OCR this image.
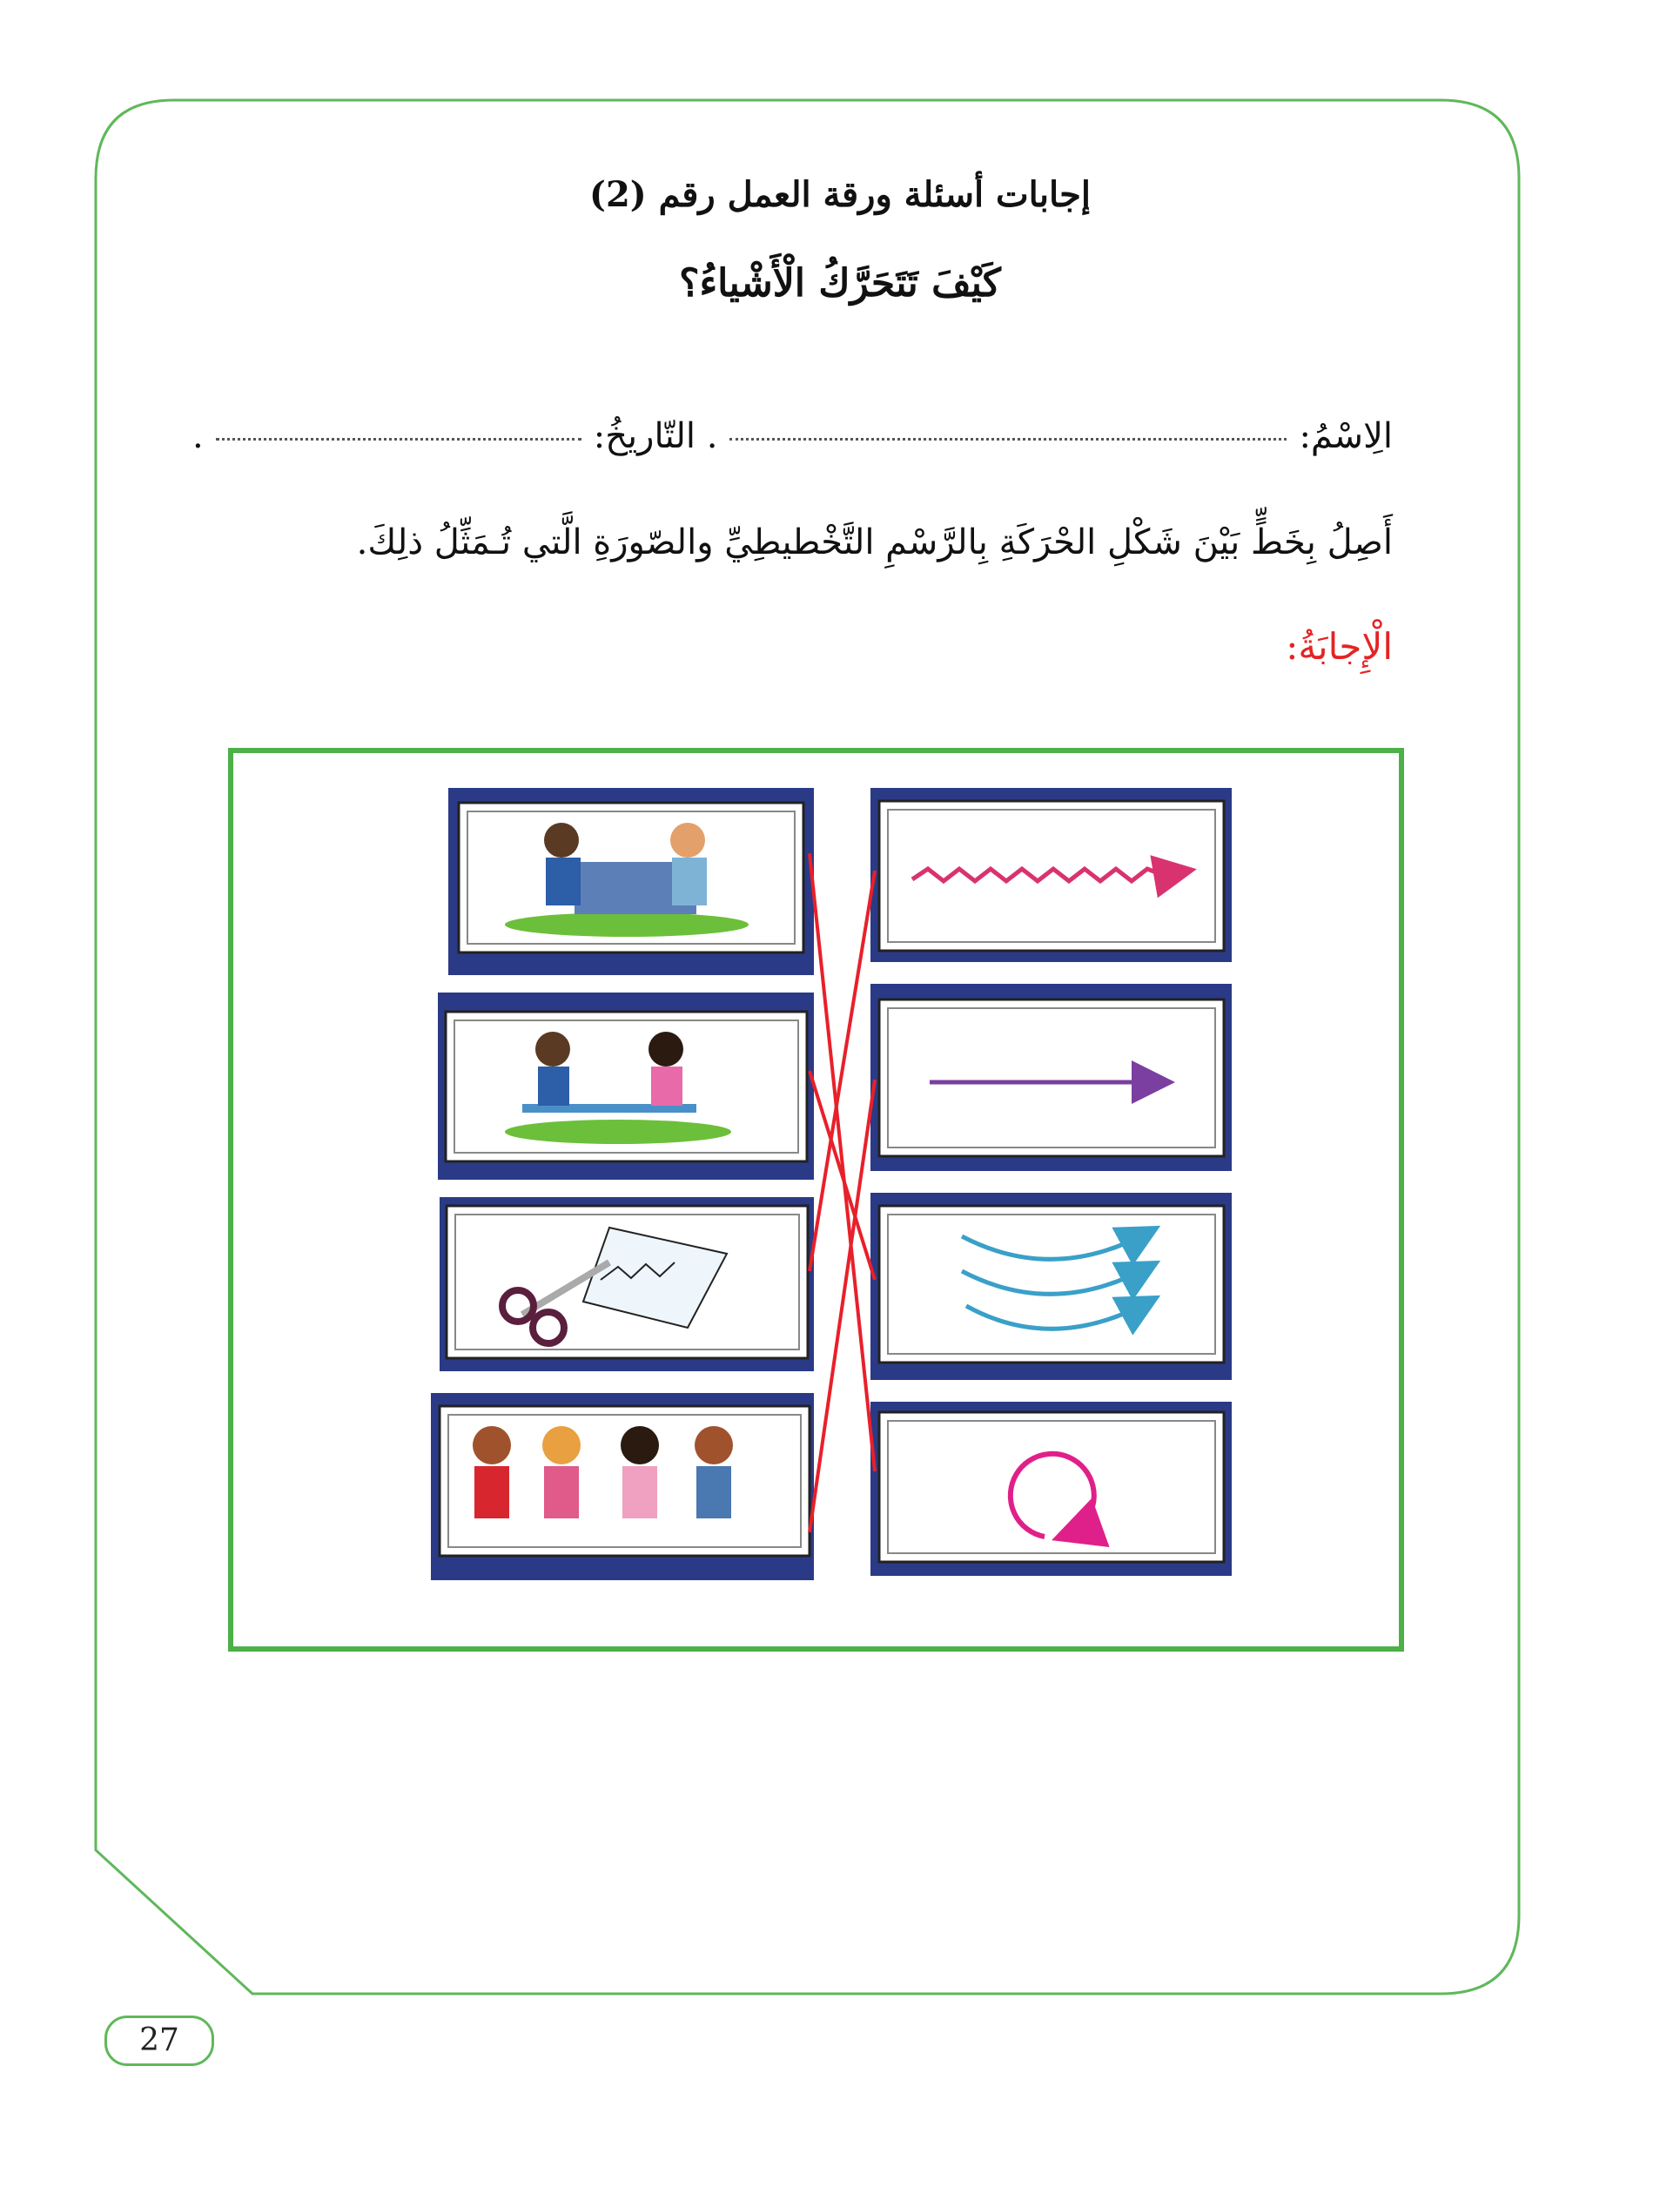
إجابات أسئلة ورقة العمل رقم (2)
كَيْفَ تَتَحَرَّكُ الْأَشْياءُ؟
الِاسْمُ:
. التّاريخُ:
.
أَصِلُ بِخَطٍّ بَيْنَ شَكْلِ الحْرَكَةِ بِالرَّسْمِ التَّخْطيطِيِّ والصّورَةِ الَّتي تُـمَثِّلُ ذلِكَ.
الْإِجابَةُ:
27
